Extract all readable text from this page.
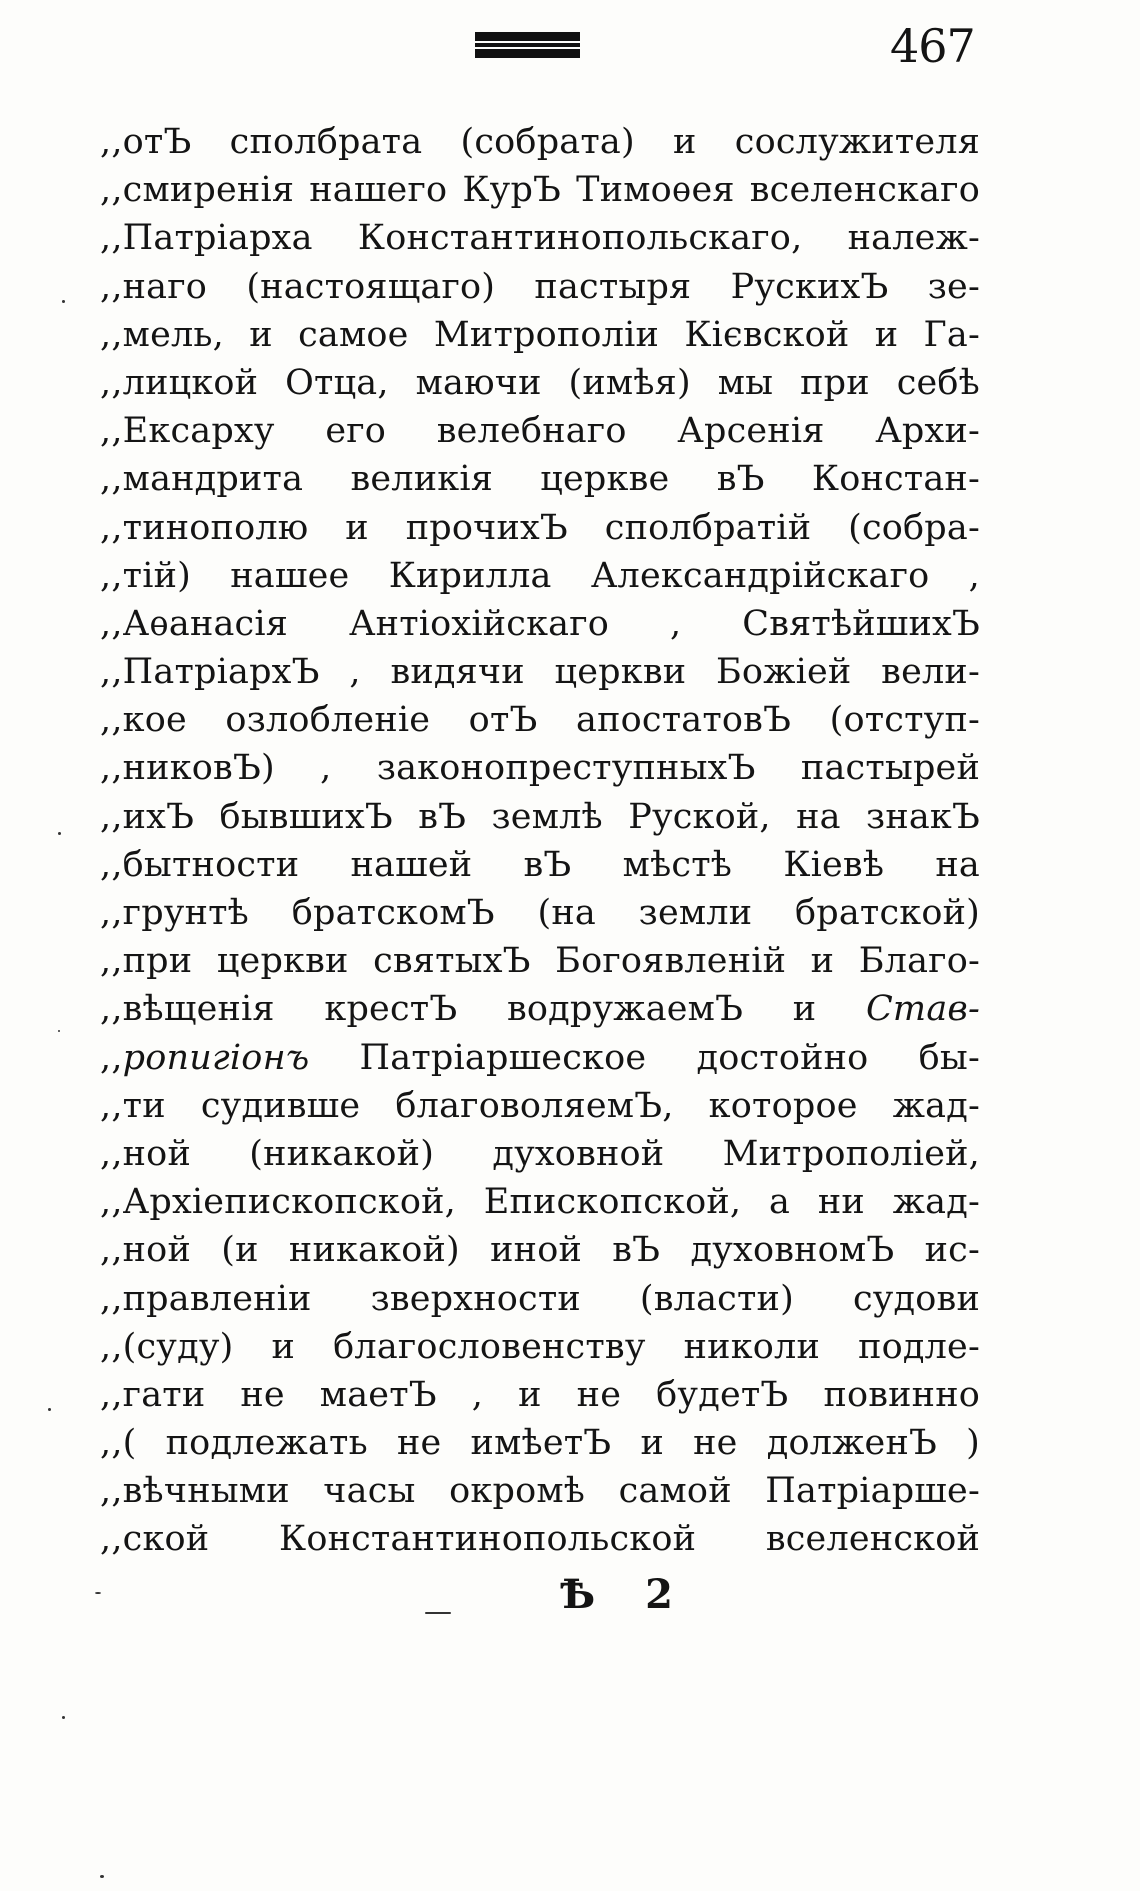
467
,,отЪ сполбрата (собрата) и сослужителя
,,смиренія нашего КурЪ Тимоѳея вселенскаго
,,Патріарха Константинопольскаго, належ-
,,наго (настоящаго) пастыря РускихЪ зе-
,,мель, и самое Митрополіи Кієвской и Га-
,,лицкой Отца, маючи (имѣя) мы при себѣ
,,Ексарху его велебнаго Арсенія Архи-
,,мандрита великія церкве вЪ Констан-
,,тинополю и прочихЪ сполбратій (собра-
,,тій) нашее Кирилла Александрійскаго ,
,,Аѳанасія Антіохійскаго , СвятѣйшихЪ
,,ПатріархЪ , видячи церкви Божіей вели-
,,кое озлобленіе отЪ апостатовЪ (отступ-
,,никовЪ) , законопреступныхЪ пастырей
,,ихЪ бывшихЪ вЪ землѣ Руской, на знакЪ
,,бытности нашей вЪ мѣстѣ Кіевѣ на
,,грунтѣ братскомЪ (на земли братской)
,,при церкви святыхЪ Богоявленій и Благо-
,,вѣщенія крестЪ водружаемЪ и Став-
,,ропигіонъ Патріаршеское достойно бы-
,,ти судивше благоволяемЪ, которое жад-
,,ной (никакой) духовной Митрополіей,
,,Архіепископской, Епископской, а ни жад-
,,ной (и никакой) иной вЪ духовномЪ ис-
,,правленіи зверхности (власти) судови
,,(суду) и благословенству николи подле-
,,гати не маетЪ , и не будетЪ повинно
,,( подлежать не имѣетЪ и не долженЪ )
,,вѣчными часы окромѣ самой Патріарше-
,,ской Константинопольской вселенской
Ѣ 2
